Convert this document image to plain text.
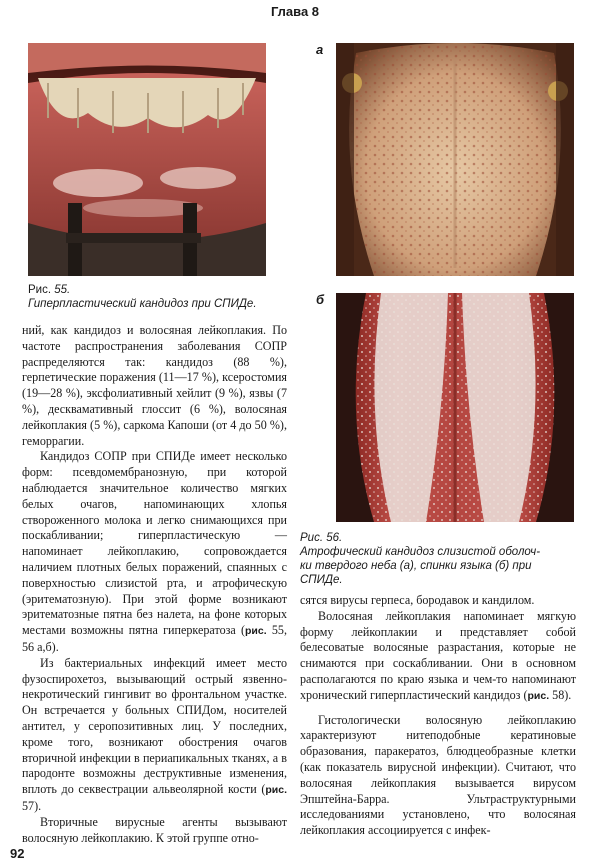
Глава 8
Рис. 55.
Гиперпластический кандидоз при СПИДе.
а
б
Рис. 56.
Атрофический кандидоз слизистой оболоч-
ки твердого неба (а), спинки языка (б) при
СПИДе.

ний, как кандидоз и волосяная лейкоплакия. По частоте распространения заболевания СОПР распределяются так: кандидоз (88 %), герпетические поражения (11—17 %), ксеростомия (19—28 %), эксфолиативный хейлит (9 %), язвы (7 %), десквамативный глоссит (6 %), волосяная лейкоплакия (5 %), саркома Капоши (от 4 до 50 %), геморрагии.

Кандидоз СОПР при СПИДе имеет несколько форм: псевдомембранозную, при которой наблюдается значительное количество мягких белых очагов, напоминающих хлопья створоженного молока и легко снимающихся при поскабливании; гиперпластическую — напоминает лейкоплакию, сопровождается наличием плотных белых поражений, спаянных с поверхностью слизистой рта, и атрофическую (эритематозную). При этой форме возникают эритематозные пятна без налета, на фоне которых местами возможны пятна гиперкератоза (рис. 55, 56 а,б).

Из бактериальных инфекций имеет место фузоспирохетоз, вызывающий острый язвенно-некротический гингивит во фронтальном участке. Он встречается у больных СПИДом, носителей антител, у серопозитивных лиц. У последних, кроме того, возникают обострения очагов вторичной инфекции в периапикальных тканях, а в пародонте возможны деструктивные изменения, вплоть до секвестрации альвеолярной кости (рис. 57).

Вторичные вирусные агенты вызывают волосяную лейкоплакию. К этой группе отно-

сятся вирусы герпеса, бородавок и кандилом.

Волосяная лейкоплакия напоминает мягкую форму лейкоплакии и представляет собой белесоватые волосяные разрастания, которые не снимаются при соскабливании. Они в основном располагаются по краю языка и чем-то напоминают хронический гиперпластический кандидоз (рис. 58).

Гистологически волосяную лейкоплакию характеризуют нитеподобные кератиновые образования, паракератоз, блюдцеобразные клетки (как показатель вирусной инфекции). Считают, что волосяная лейкоплакия вызывается вирусом Эпштейна-Барра. Ультраструктурными исследованиями установлено, что волосяная лейкоплакия ассоциируется с инфек-

92
